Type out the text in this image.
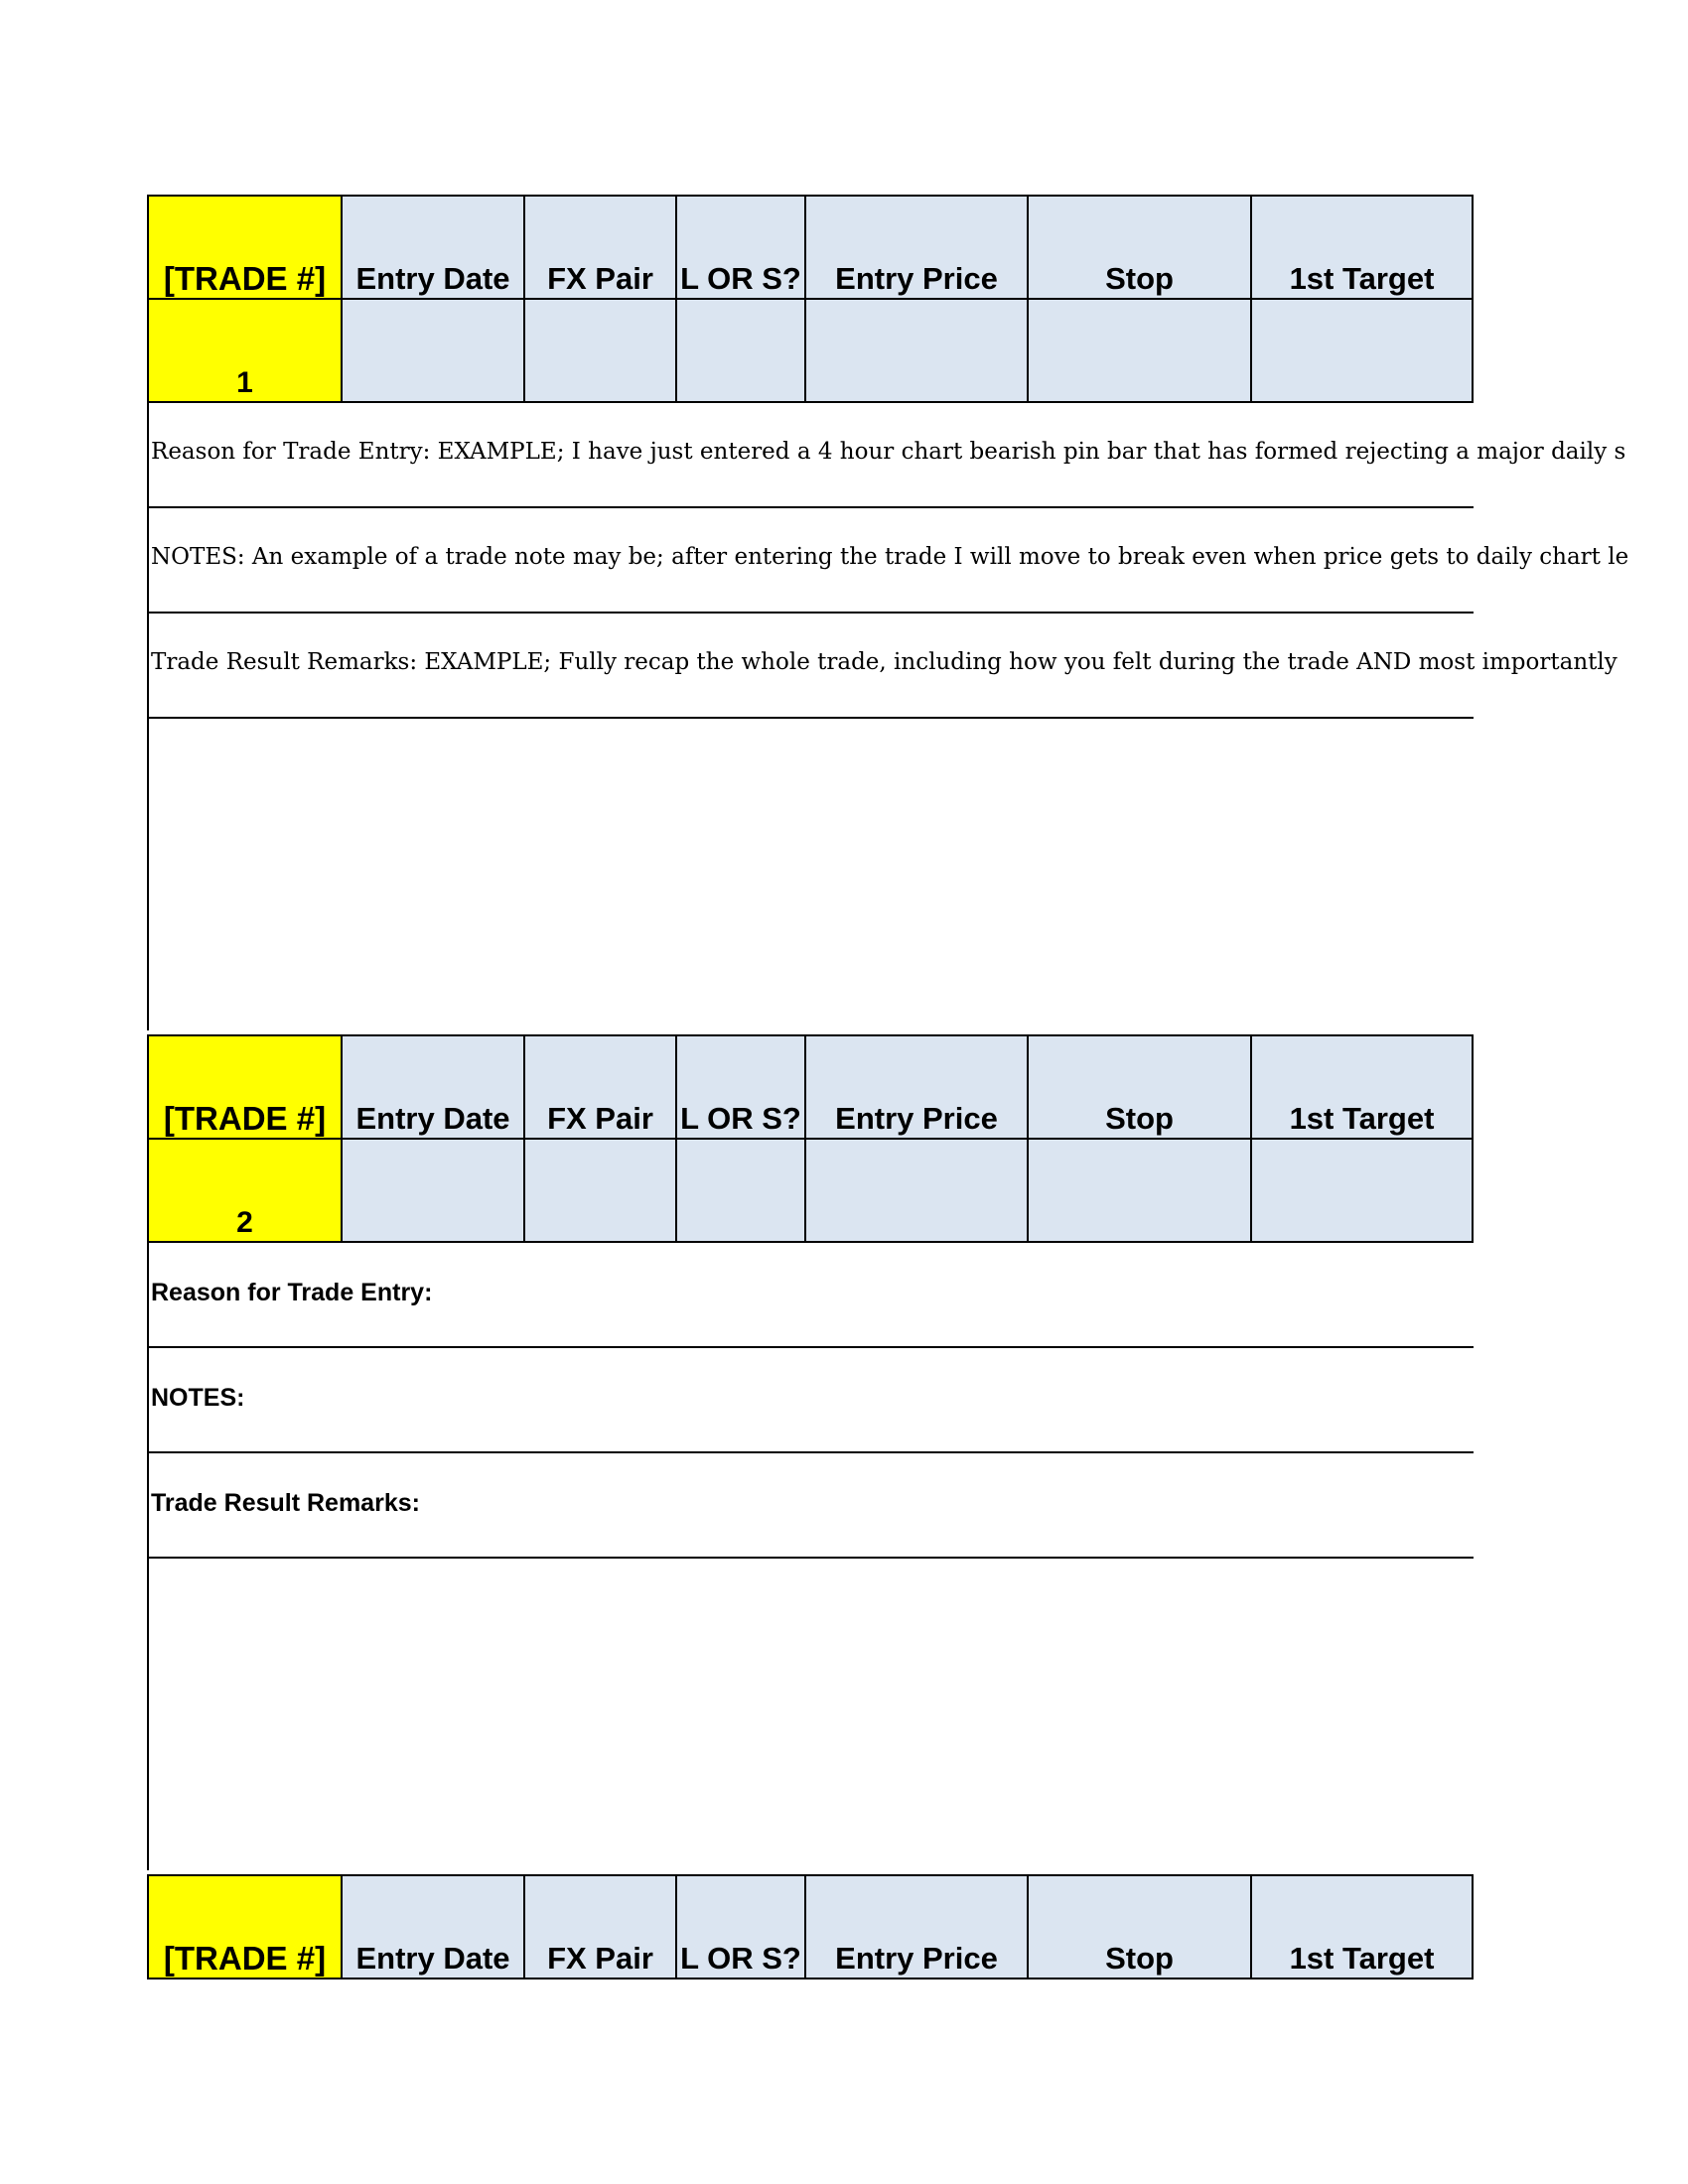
[TRADE #]	Entry Date	FX Pair	L OR S?	Entry Price	Stop	1st Target
1						
Reason for Trade Entry: EXAMPLE; I have just entered a 4 hour chart bearish pin bar that has formed rejecting a major daily s
NOTES: An example of a trade note may be; after entering the trade I will move to break even when price gets to daily chart le
Trade Result Remarks: EXAMPLE; Fully recap the whole trade, including how you felt during the trade AND most importantly
[TRADE #]	Entry Date	FX Pair	L OR S?	Entry Price	Stop	1st Target
2						
Reason for Trade Entry:
NOTES:
Trade Result Remarks:
[TRADE #]	Entry Date	FX Pair	L OR S?	Entry Price	Stop	1st Target
